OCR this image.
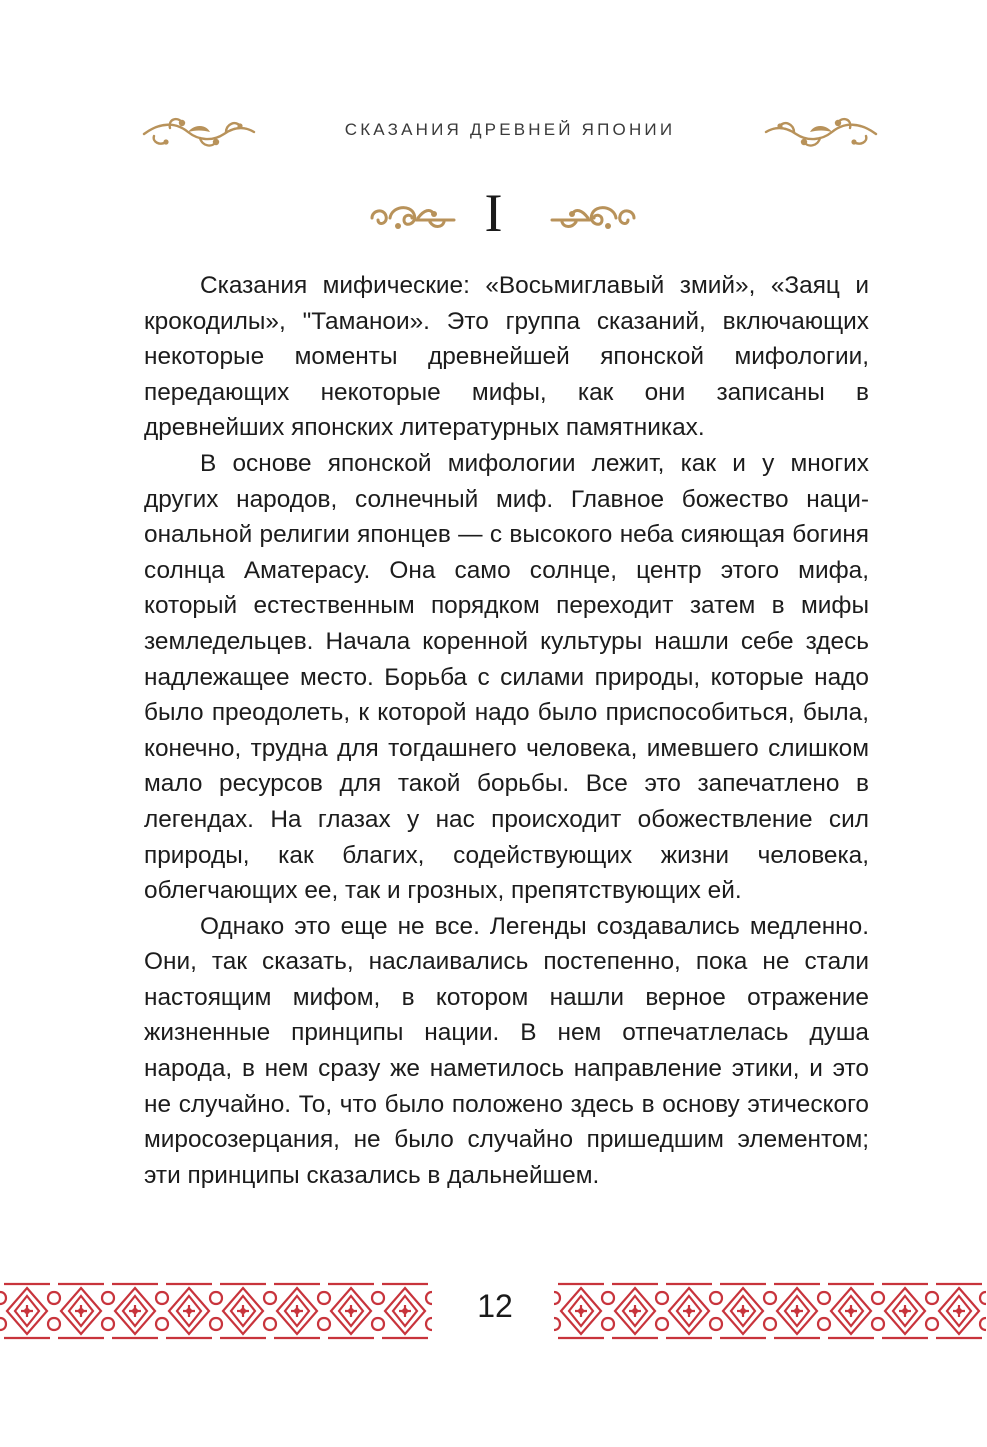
СКАЗАНИЯ ДРЕВНЕЙ ЯПОНИИ
I

Сказания мифические: «Восьмиглавый змий», «Заяц и крокодилы», "Таманои». Это группа сказаний, включающих некоторые моменты древнейшей японской мифологии, передающих некоторые мифы, как они записаны в древнейших японских литературных памятниках.

В основе японской мифологии лежит, как и у многих других народов, солнечный миф. Главное божество национальной религии японцев — с высокого неба сияющая богиня солнца Аматерасу. Она само солнце, центр этого мифа, который естественным порядком переходит затем в мифы земледельцев. Начала коренной культуры нашли себе здесь надлежащее место. Борьба с силами природы, которые надо было преодолеть, к которой надо было приспособиться, была, конечно, трудна для тогдашнего человека, имевшего слишком мало ресурсов для такой борьбы. Все это запечатлено в легендах. На глазах у нас происходит обожествление сил природы, как благих, содействующих жизни человека, облегчающих ее, так и грозных, препятствующих ей.

Однако это еще не все. Легенды создавались медленно. Они, так сказать, наслаивались постепенно, пока не стали настоящим мифом, в котором нашли верное отражение жизненные принципы нации. В нем отпечатлелась душа народа, в нем сразу же наметилось направление этики, и это не случайно. То, что было положено здесь в основу этического миросозерцания, не было случайно пришедшим элементом; эти принципы сказались в дальнейшем.

12
